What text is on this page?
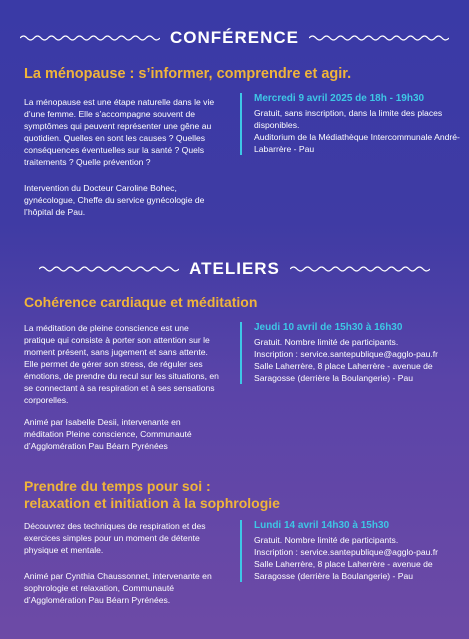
CONFÉRENCE
La ménopause : s’informer, comprendre et agir.

La ménopause est une étape naturelle dans le vie d’une femme. Elle s’accompagne souvent de symptômes qui peuvent représenter une gêne au quotidien. Quelles en sont les causes ? Quelles conséquences éventuelles sur la santé ? Quels traitements ? Quelle prévention ?

Intervention du Docteur Caroline Bohec, gynécologue, Cheffe du service gynécologie de l’hôpital de Pau.

Mercredi 9 avril 2025 de 18h - 19h30
Gratuit, sans inscription, dans la limite des places disponibles.
Auditorium de la Médiathèque Intercommunale André-Labarrère - Pau
ATELIERS
Cohérence cardiaque et méditation

La méditation de pleine conscience est une pratique qui consiste à porter son attention sur le moment présent, sans jugement et sans attente. Elle permet de gérer son stress, de réguler ses émotions, de prendre du recul sur les situations, en se connectant à sa respiration et à ses sensations corporelles.

Animé par Isabelle Desii, intervenante en méditation Pleine conscience, Communauté d’Agglomération Pau Béarn Pyrénées

Jeudi 10 avril de 15h30 à 16h30
Gratuit. Nombre limité de participants.
Inscription : service.santepublique@agglo-pau.fr
Salle Laherrère, 8 place Laherrère - avenue de Saragosse (derrière la Boulangerie) - Pau
Prendre du temps pour soi :
relaxation et initiation à la sophrologie

Découvrez des techniques de respiration et des exercices simples pour un moment de détente physique et mentale.

Animé par Cynthia Chaussonnet, intervenante en sophrologie et relaxation, Communauté d’Agglomération Pau Béarn Pyrénées.

Lundi 14 avril 14h30 à 15h30
Gratuit. Nombre limité de participants.
Inscription : service.santepublique@agglo-pau.fr
Salle Laherrère, 8 place Laherrère - avenue de Saragosse (derrière la Boulangerie) - Pau
